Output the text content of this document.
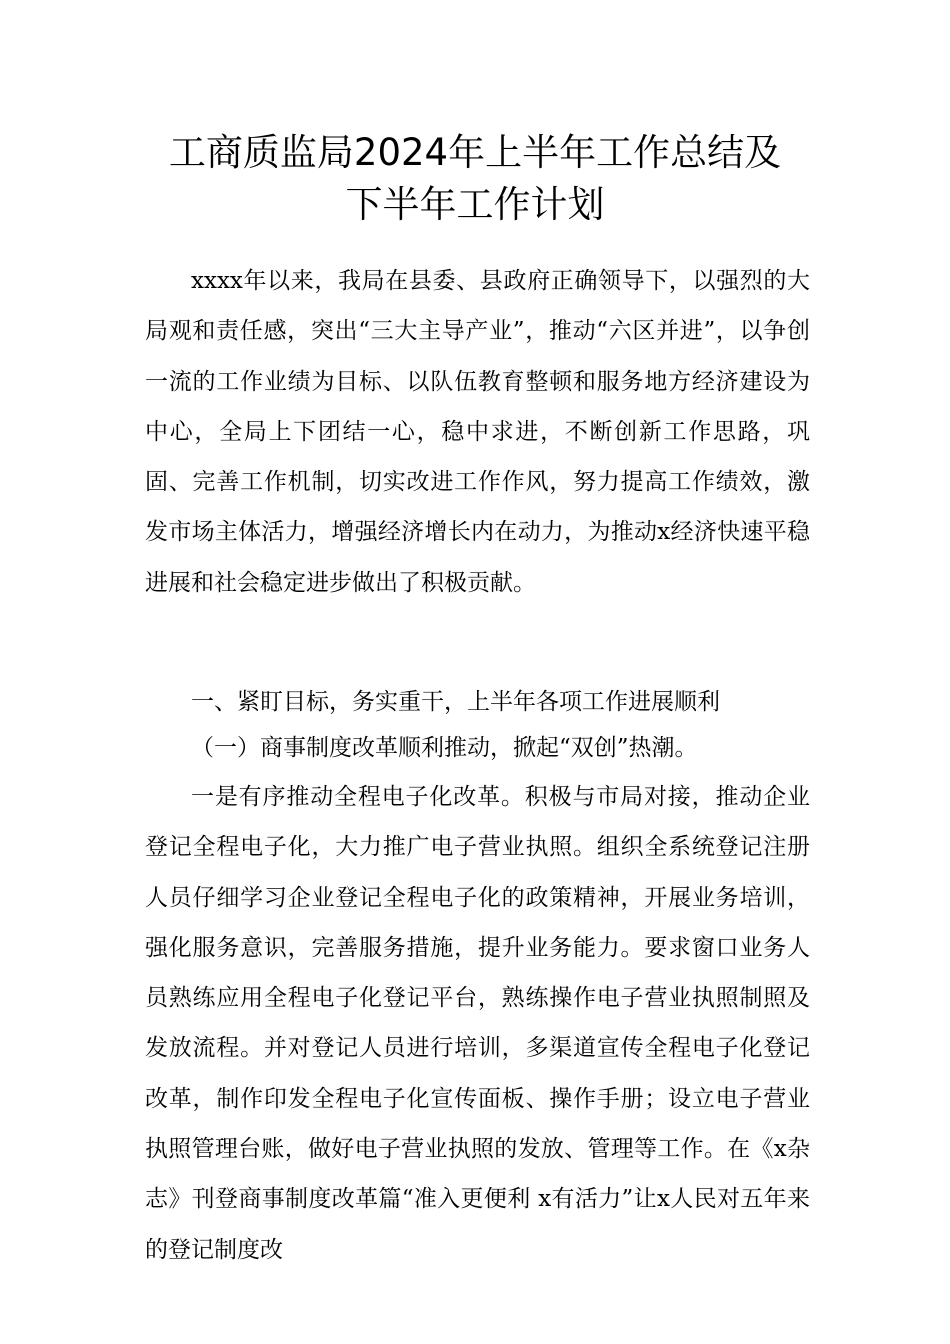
工商质监局2024年上半年工作总结及
下半年工作计划

xxxx年以来，我局在县委、县政府正确领导下，以强烈的大局观和责任感，突出“三大主导产业”，推动“六区并进”，以争创一流的工作业绩为目标、以队伍教育整顿和服务地方经济建设为中心，全局上下团结一心，稳中求进，不断创新工作思路，巩固、完善工作机制，切实改进工作作风，努力提高工作绩效，激发市场主体活力，增强经济增长内在动力，为推动x经济快速平稳进展和社会稳定进步做出了积极贡献。

一、紧盯目标，务实重干，上半年各项工作进展顺利

（一）商事制度改革顺利推动，掀起“双创”热潮。

一是有序推动全程电子化改革。积极与市局对接，推动企业登记全程电子化，大力推广电子营业执照。组织全系统登记注册人员仔细学习企业登记全程电子化的政策精神，开展业务培训，强化服务意识，完善服务措施，提升业务能力。要求窗口业务人员熟练应用全程电子化登记平台，熟练操作电子营业执照制照及发放流程。并对登记人员进行培训，多渠道宣传全程电子化登记改革，制作印发全程电子化宣传面板、操作手册；设立电子营业执照管理台账，做好电子营业执照的发放、管理等工作。在《x杂志》刊登商事制度改革篇“准入更便利 x有活力”让x人民对五年来的登记制度改
